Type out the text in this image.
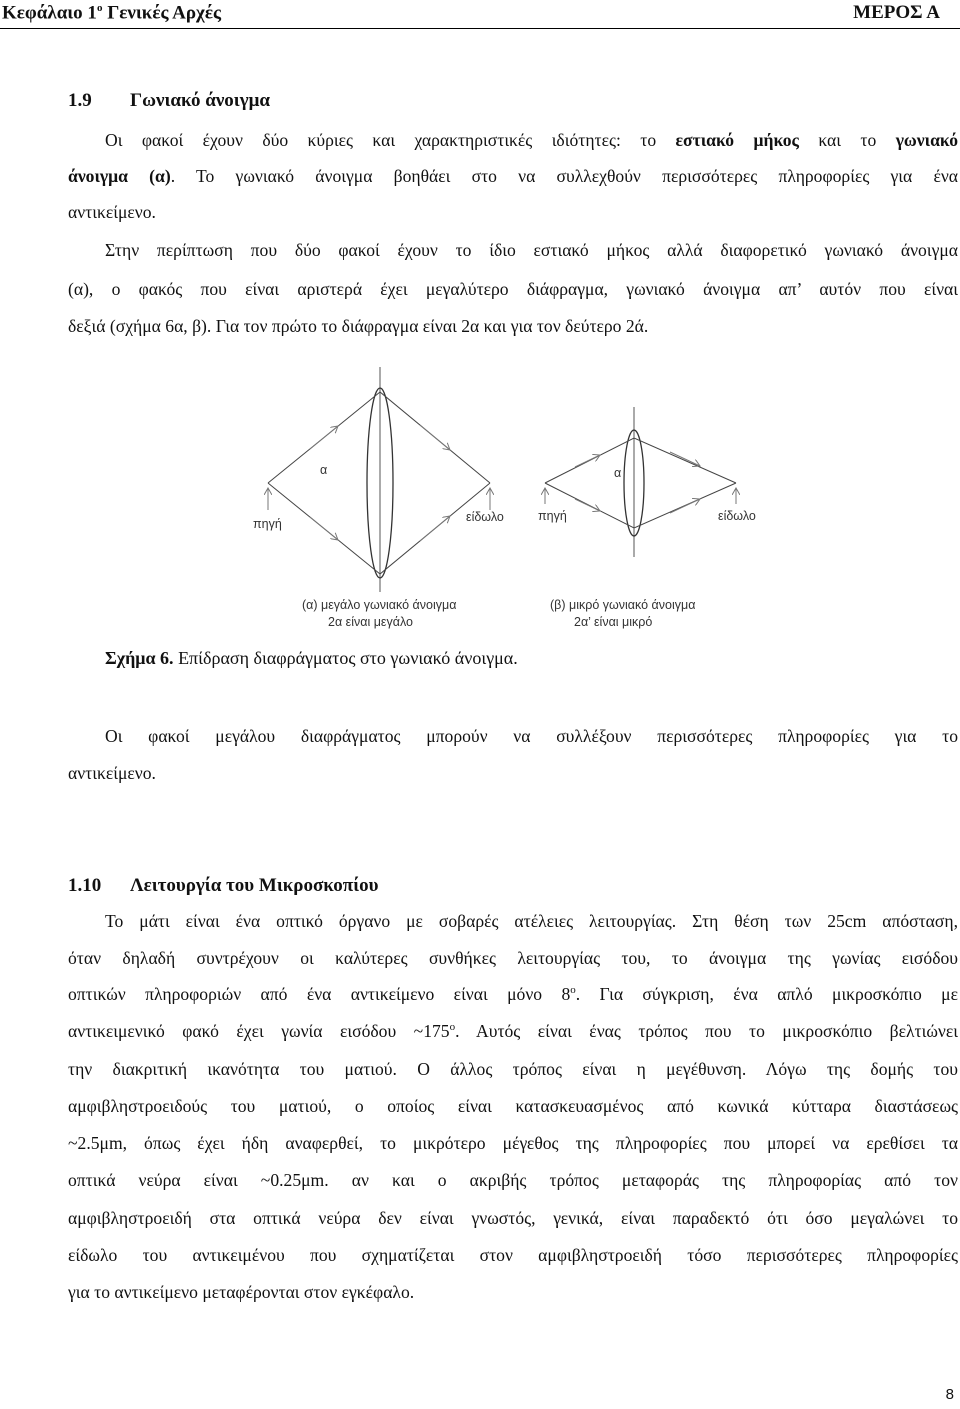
Κεφάλαιο $1^o$ Γενικές Αρχές	ΜΕΡΟΣ Α
1.9 Γωνιακό άνοιγμα
Οι φακοί έχουν δύο κύριες και χαρακτηριστικές ιδιότητες: το εστιακό μήκος και το γωνιακό
άνοιγμα (α). Το γωνιακό άνοιγμα βοηθάει στο να συλλεχθούν περισσότερες πληροφορίες για ένα
αντικείμενο.
Στην περίπτωση που δύο φακοί έχουν το ίδιο εστιακό μήκος αλλά διαφορετικό γωνιακό άνοιγμα
(α), ο φακός που είναι αριστερά έχει μεγαλύτερο διάφραγμα, γωνιακό άνοιγμα απ’ αυτόν που είναι
δεξιά (σχήμα 6α, β). Για τον πρώτο το διάφραγμα είναι 2α και για τον δεύτερο 2ά.
α
πηγή	είδωλο
(α) μεγάλο γωνιακό άνοιγμα
2α είναι μεγάλο
α
πηγή	είδωλο
(β) μικρό γωνιακό άνοιγμα
2α’ είναι μικρό
Σχήμα 6. Επίδραση διαφράγματος στο γωνιακό άνοιγμα.
Οι φακοί μεγάλου διαφράγματος μπορούν να συλλέξουν περισσότερες πληροφορίες για το
αντικείμενο.
1.10 Λειτουργία του Μικροσκοπίου
Το μάτι είναι ένα οπτικό όργανο με σοβαρές ατέλειες λειτουργίας. Στη θέση των 25cm απόσταση,
όταν δηλαδή συντρέχουν οι καλύτερες συνθήκες λειτουργίας του, το άνοιγμα της γωνίας εισόδου
οπτικών πληροφοριών από ένα αντικείμενο είναι μόνο $8^o$. Για σύγκριση, ένα απλό μικροσκόπιο με
αντικειμενικό φακό έχει γωνία εισόδου $\sim 175^o$. Αυτός είναι ένας τρόπος που το μικροσκόπιο βελτιώνει
την διακριτική ικανότητα του ματιού. Ο άλλος τρόπος είναι η μεγέθυνση. Λόγω της δομής του
αμφιβληστροειδούς του ματιού, ο οποίος είναι κατασκευασμένος από κωνικά κύτταρα διαστάσεως
~2.5μm, όπως έχει ήδη αναφερθεί, το μικρότερο μέγεθος της πληροφορίες που μπορεί να ερεθίσει τα
οπτικά νεύρα είναι ~0.25μm. αν και ο ακριβής τρόπος μεταφοράς της πληροφορίας από τον
αμφιβληστροειδή στα οπτικά νεύρα δεν είναι γνωστός, γενικά, είναι παραδεκτό ότι όσο μεγαλώνει το
είδωλο του αντικειμένου που σχηματίζεται στον αμφιβληστροειδή τόσο περισσότερες πληροφορίες
για το αντικείμενο μεταφέρονται στον εγκέφαλο.
8
